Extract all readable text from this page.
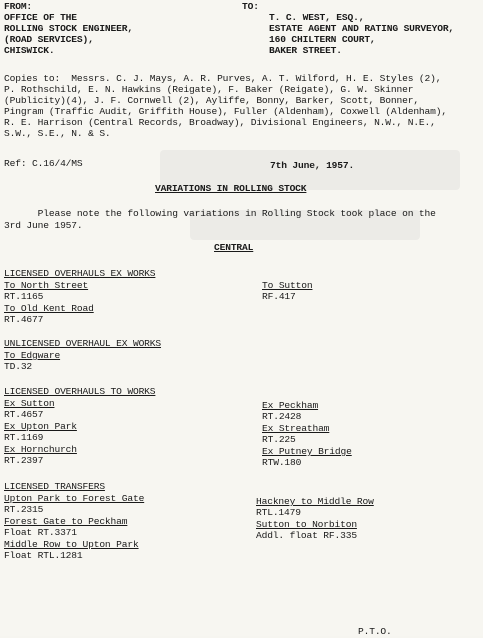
FROM:
OFFICE OF THE
ROLLING STOCK ENGINEER,
(ROAD SERVICES),
CHISWICK.
TO:
T. C. WEST, ESQ.,
ESTATE AGENT AND RATING SURVEYOR,
160 CHILTERN COURT,
BAKER STREET.
Copies to:  Messrs. C. J. Mays, A. R. Purves, A. T. Wilford, H. E. Styles (2),
P. Rothschild, E. N. Hawkins (Reigate), F. Baker (Reigate), G. W. Skinner
(Publicity)(4), J. F. Cornwell (2), Ayliffe, Bonny, Barker, Scott, Bonner,
Pingram (Traffic Audit, Griffith House), Fuller (Aldenham), Coxwell (Aldenham),
R. E. Harrison (Central Records, Broadway), Divisional Engineers, N.W., N.E.,
S.W., S.E., N. & S.
Ref: C.16/4/MS	7th June, 1957.
VARIATIONS IN ROLLING STOCK
Please note the following variations in Rolling Stock took place on the
3rd June 1957.
CENTRAL
LICENSED OVERHAULS EX WORKS
To North Street
RT.1165
To Old Kent Road
RT.4677
To Sutton
RF.417
UNLICENSED OVERHAUL EX WORKS
To Edgware
TD.32
LICENSED OVERHAULS TO WORKS
Ex Sutton
RT.4657
Ex Upton Park
RT.1169
Ex Hornchurch
RT.2397
Ex Peckham
RT.2428
Ex Streatham
RT.225
Ex Putney Bridge
RTW.180
LICENSED TRANSFERS
Upton Park to Forest Gate
RT.2315
Forest Gate to Peckham
Float RT.3371
Middle Row to Upton Park
Float RTL.1281
Hackney to Middle Row
RTL.1479
Sutton to Norbiton
Addl. float RF.335
P.T.O.
